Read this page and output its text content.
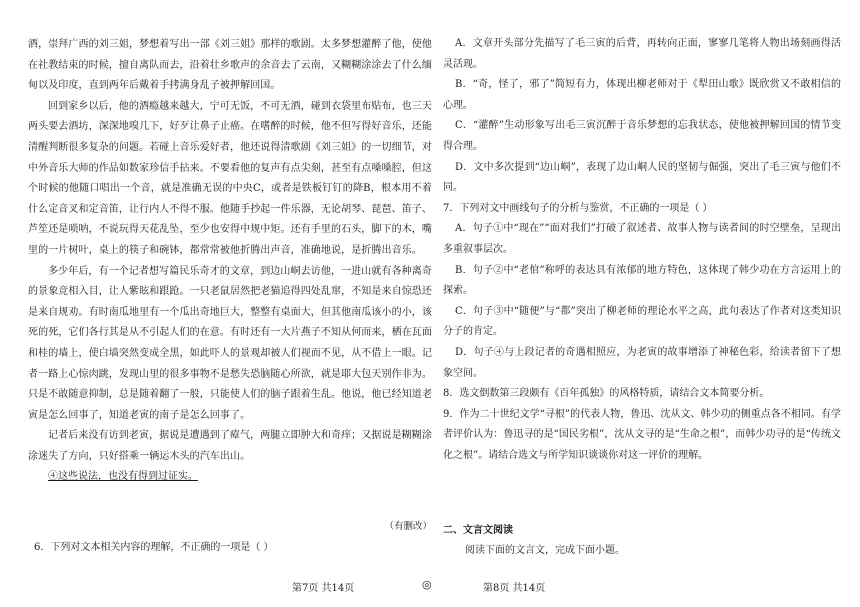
酒，崇拜广西的刘三姐，梦想着写出一部《刘三姐》那样的歌剧。太多梦想灌醉了他，使他在社教结束的时候，擅自离队而去，沿着壮乡歌声的余音去了云南，又糊糊涂涂去了什么缅甸以及印度，直到两年后戴着手拷满身乱子被押解回国。

回到家乡以后，他的酒瘾越来越大，宁可无饭，不可无酒，碰到衣袋里布贴布，也三天两头要去酒坊，深深地嗅几下，好歹让鼻子止癌。在嗜醉的时候，他不但写得好音乐，还能清醒判断很多复杂的问题。若碰上音乐爱好者，他还说得清歌剧《刘三姐》的一切细节，对中外音乐大师的作品如数家珍信手拈来。不要看他的复声有点尖刻，甚至有点嗓嗓腔，但这个时候的他随口唱出一个音，就是准确无误的中央C，或者是铁板钉钉的降B，根本用不着什么定音叉和定音笛，让行内人不得不服。他随手抄起一件乐器，无论胡琴、琵琶、笛子、芦笙还是唢呐，不说玩得天花乱坠，至少也安得中规中矩。还有手里的石头，脚下的木，嘴里的一片树叶，桌上的筷子和碗钵，都常常被他折腾出声音，准确地说，是折腾出音乐。

多少年后，有一个记者想写篇民乐奇才的文章，到边山峒去访他，一进山就有各种离奇的景象竞相入目，让人紫眩和跟跄。一只老鼠居然把老猫追得四处乱窜，不知是来自惊恐还是来自规劝。有时南瓜地里有一个瓜出奇地巨大，整整有桌面大，但其他南瓜该小的小，该死的死，它们各行其是从不引起人们的在意。有时还有一大片燕子不知从何而来，栖在瓦面和桂的墙上，使白墙突然变成全黑，如此吓人的景观却被人们视而不见，从不借上一眼。记者一路上心惊肉跳，发现山里的很多事物不是愁失恐脑随心所欲，就是耶大包天别作非为。只是不敢随意抑制，总是随着翻了一般，只能使人们的脑子跟着生乱。他说，他已经知道老寅是怎么回事了，知道老寅的南子是怎么回事了。

记者后来没有访到老寅，据说是遭遇到了瘴气，两腿立即肿大和奇痒；又据说是糊糊涂涂迷失了方向，只好搭乘一辆运木头的汽车出山。

④这些说法，也没有得到过证实。

（有删改）
6．下列对文本相关内容的理解，不正确的一项是（ ）

A．文章开头部分先描写了毛三寅的后背，再转向正面，寥寥几笔将人物出场刻画得活灵活现。

B．“奇，怪了，邪了”简短有力，体现出柳老师对于《犁田山歌》既欣赏又不敢相信的心理。

C．“灌醉”生动形象写出毛三寅沉醉于音乐梦想的忘我状态，使他被押解回国的情节变得合理。

D．文中多次提到“边山峒”，表现了边山峒人民的坚韧与倔强，突出了毛三寅与他们不同。

7．下列对文中画线句子的分析与鉴赏，不正确的一项是（ ）

A．句子①中“现在”“面对我们”打破了叙述者、故事人物与读者间的时空壁垒，呈现出多重叙事层次。

B．句子②中“老倌”称呼的表达具有浓郁的地方特色，这体现了韩少功在方言运用上的探索。

C．句子③中“随便”与“都”突出了柳老师的理论水平之高，此句表达了作者对这类知识分子的肯定。

D．句子④与上段记者的奇遇相照应，为老寅的故事增添了神秘色彩，给读者留下了想象空间。

8．选文倒数第三段颇有《百年孤独》的风格特质，请结合文本简要分析。

9．作为二十世纪文学“寻根”的代表人物，鲁迅、沈从文、韩少功的侧重点各不相同。有学者评价认为：鲁迅寻的是“国民劣根”，沈从文寻的是“生命之根”，而韩少功寻的是“传统文化之根”。请结合选文与所学知识谈谈你对这一评价的理解。

二、文言文阅读
阅读下面的文言文，完成下面小题。
第7页 共14页	◎	第8页 共14页
